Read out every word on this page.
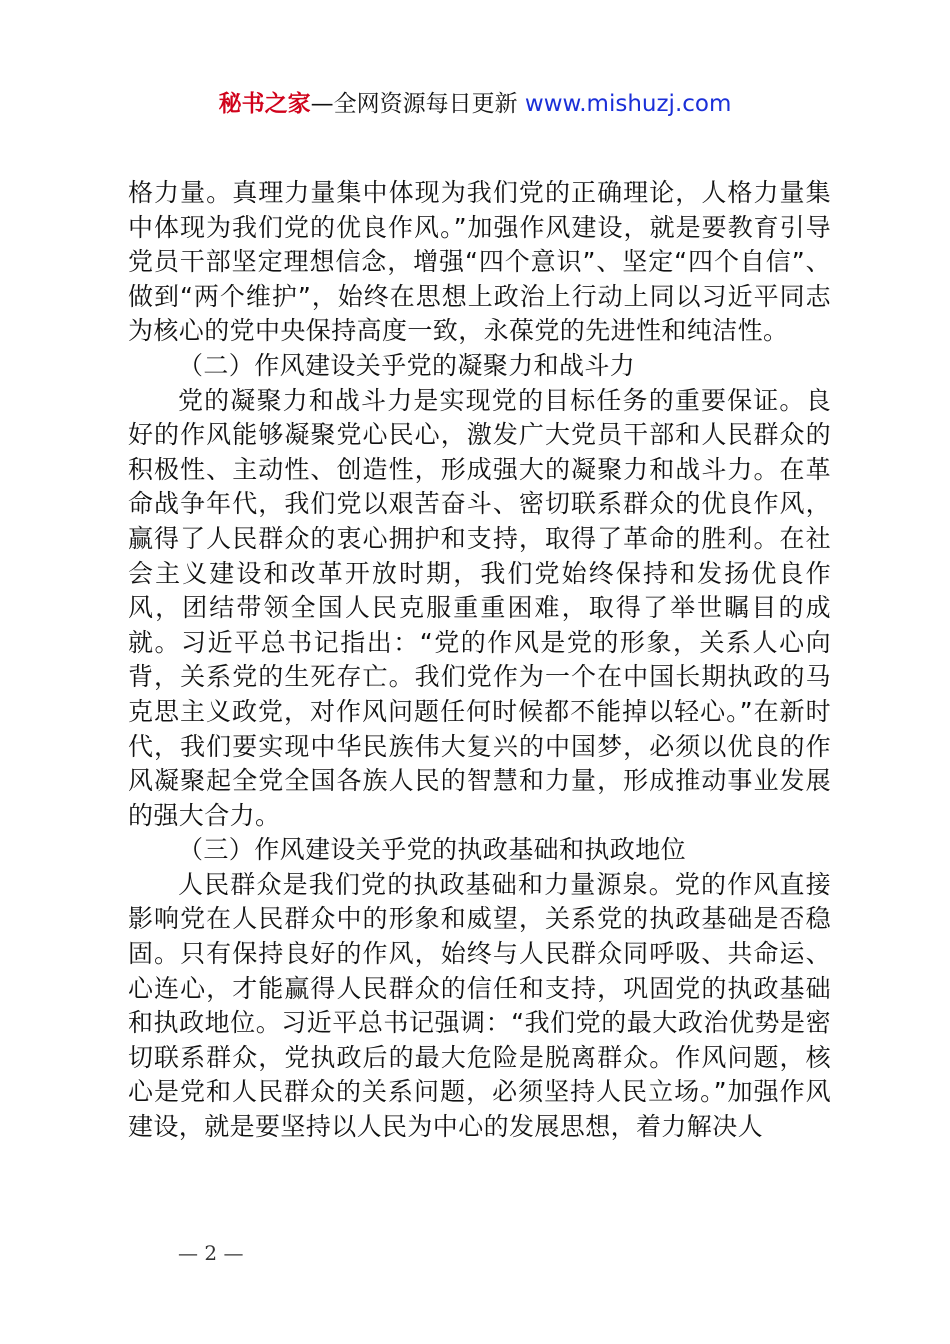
秘书之家—全网资源每日更新 www.mishuzj.com

格力量。真理力量集中体现为我们党的正确理论，人格力量集中体现为我们党的优良作风。”加强作风建设，就是要教育引导党员干部坚定理想信念，增强“四个意识”、坚定“四个自信”、做到“两个维护”，始终在思想上政治上行动上同以习近平同志为核心的党中央保持高度一致，永葆党的先进性和纯洁性。

（二）作风建设关乎党的凝聚力和战斗力

党的凝聚力和战斗力是实现党的目标任务的重要保证。良好的作风能够凝聚党心民心，激发广大党员干部和人民群众的积极性、主动性、创造性，形成强大的凝聚力和战斗力。在革命战争年代，我们党以艰苦奋斗、密切联系群众的优良作风，赢得了人民群众的衷心拥护和支持，取得了革命的胜利。在社会主义建设和改革开放时期，我们党始终保持和发扬优良作风，团结带领全国人民克服重重困难，取得了举世瞩目的成就。习近平总书记指出：“党的作风是党的形象，关系人心向背，关系党的生死存亡。我们党作为一个在中国长期执政的马克思主义政党，对作风问题任何时候都不能掉以轻心。”在新时代，我们要实现中华民族伟大复兴的中国梦，必须以优良的作风凝聚起全党全国各族人民的智慧和力量，形成推动事业发展的强大合力。

（三）作风建设关乎党的执政基础和执政地位

人民群众是我们党的执政基础和力量源泉。党的作风直接影响党在人民群众中的形象和威望，关系党的执政基础是否稳固。只有保持良好的作风，始终与人民群众同呼吸、共命运、心连心，才能赢得人民群众的信任和支持，巩固党的执政基础和执政地位。习近平总书记强调：“我们党的最大政治优势是密切联系群众，党执政后的最大危险是脱离群众。作风问题，核心是党和人民群众的关系问题，必须坚持人民立场。”加强作风建设，就是要坚持以人民为中心的发展思想，着力解决人

— 2 —
